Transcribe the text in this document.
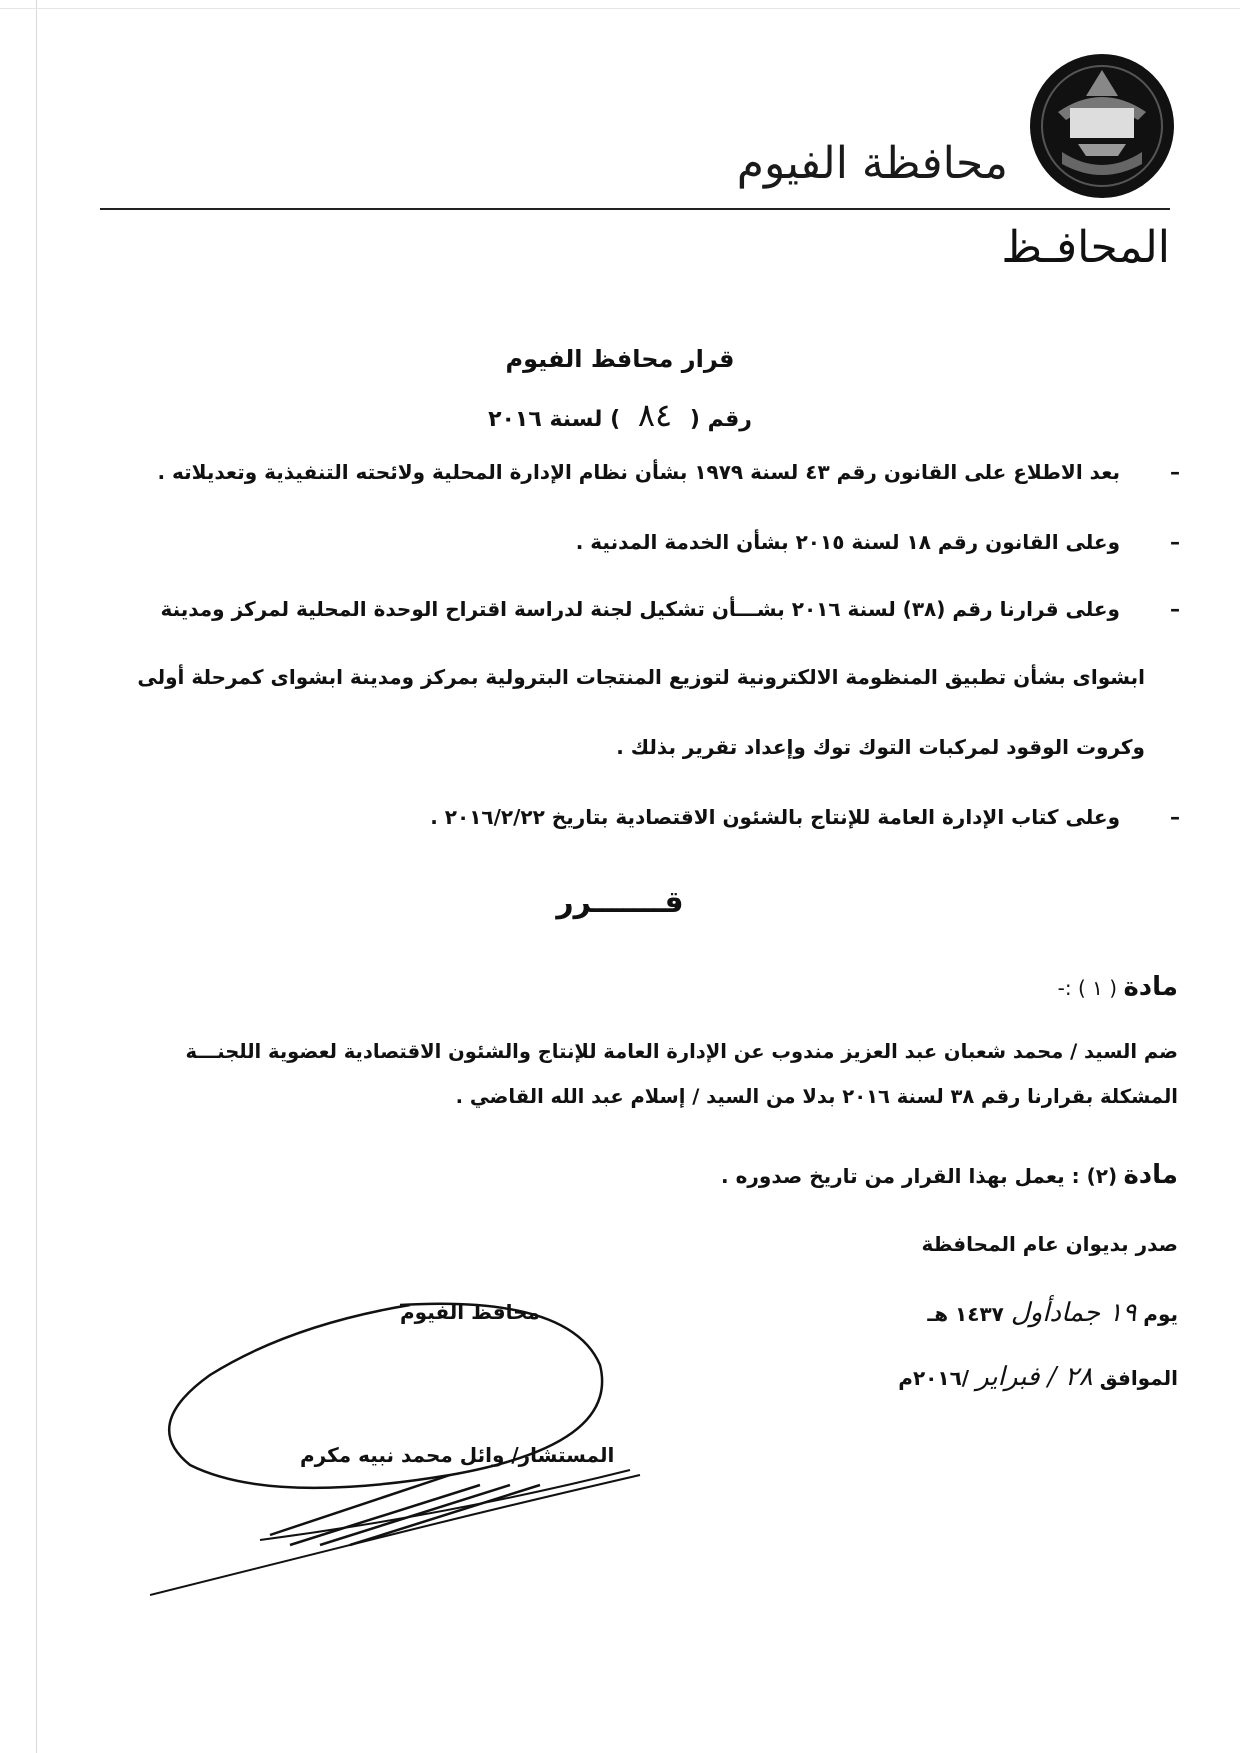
محافظة الفيوم
المحافـظ
قرار محافظ الفيوم
رقم ( ٨٤ ) لسنة ٢٠١٦
–
بعد الاطلاع على القانون رقم ٤٣ لسنة ١٩٧٩ بشأن نظام الإدارة المحلية ولائحته التنفيذية وتعديلاته .
–
وعلى القانون رقم ١٨ لسنة ٢٠١٥ بشأن الخدمة المدنية .
–
وعلى قرارنا رقم (٣٨) لسنة ٢٠١٦ بشـــأن تشكيل لجنة لدراسة اقتراح الوحدة المحلية لمركز ومدينة
ابشواى بشأن تطبيق المنظومة الالكترونية لتوزيع المنتجات البترولية بمركز ومدينة ابشواى كمرحلة أولى
وكروت الوقود لمركبات التوك توك وإعداد تقرير بذلك .
–
وعلى كتاب الإدارة العامة للإنتاج بالشئون الاقتصادية بتاريخ ٢٠١٦/٢/٢٢ .
قـــــــرر
مادة ( ١ ) :-
ضم السيد / محمد شعبان عبد العزيز مندوب عن الإدارة العامة للإنتاج والشئون الاقتصادية لعضوية اللجنـــة
المشكلة بقرارنا رقم ٣٨ لسنة ٢٠١٦ بدلا من السيد / إسلام عبد الله القاضي .
مادة (٢) : يعمل بهذا القرار من تاريخ صدوره .
صدر بديوان عام المحافظة
يوم ١٩ جمادأول ١٤٣٧ هـ
الموافق ٢٨ / فبراير /٢٠١٦م
محافظ الفيوم
المستشار/ وائل محمد نبيه مكرم
